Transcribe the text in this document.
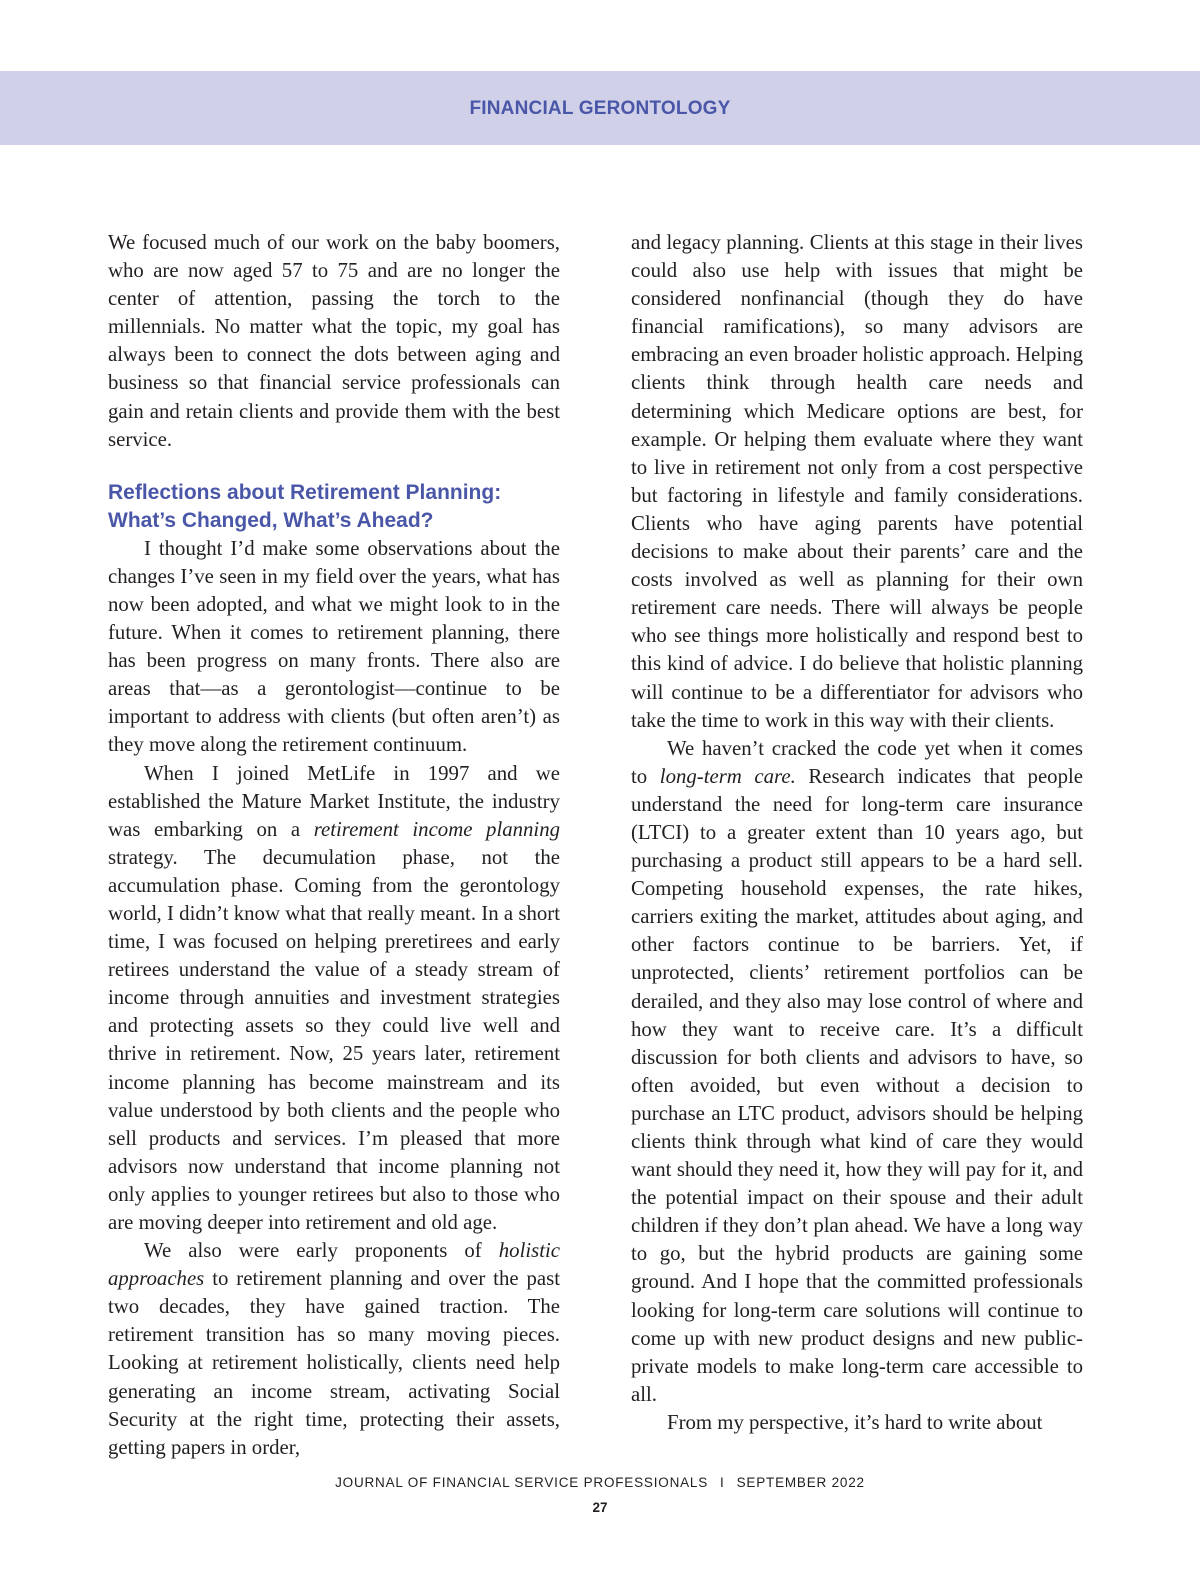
FINANCIAL GERONTOLOGY

We focused much of our work on the baby boomers, who are now aged 57 to 75 and are no longer the center of attention, passing the torch to the millennials. No matter what the topic, my goal has always been to connect the dots between aging and business so that financial service professionals can gain and retain clients and provide them with the best service.

Reflections about Retirement Planning:
What’s Changed, What’s Ahead?

I thought I’d make some observations about the changes I’ve seen in my field over the years, what has now been adopted, and what we might look to in the future. When it comes to retirement planning, there has been progress on many fronts. There also are areas that—as a gerontologist—continue to be important to address with clients (but often aren’t) as they move along the retirement continuum.

When I joined MetLife in 1997 and we established the Mature Market Institute, the industry was embarking on a retirement income planning strategy. The decumulation phase, not the accumulation phase. Coming from the gerontology world, I didn’t know what that really meant. In a short time, I was focused on helping preretirees and early retirees understand the value of a steady stream of income through annuities and investment strategies and protecting assets so they could live well and thrive in retirement. Now, 25 years later, retirement income planning has become mainstream and its value understood by both clients and the people who sell products and services. I’m pleased that more advisors now understand that income planning not only applies to younger retirees but also to those who are moving deeper into retirement and old age.

We also were early proponents of holistic approaches to retirement planning and over the past two decades, they have gained traction. The retirement transition has so many moving pieces. Looking at retirement holistically, clients need help generating an income stream, activating Social Security at the right time, protecting their assets, getting papers in order,

and legacy planning. Clients at this stage in their lives could also use help with issues that might be considered nonfinancial (though they do have financial ramifications), so many advisors are embracing an even broader holistic approach. Helping clients think through health care needs and determining which Medicare options are best, for example. Or helping them evaluate where they want to live in retirement not only from a cost perspective but factoring in lifestyle and family considerations. Clients who have aging parents have potential decisions to make about their parents’ care and the costs involved as well as planning for their own retirement care needs. There will always be people who see things more holistically and respond best to this kind of advice. I do believe that holistic planning will continue to be a differentiator for advisors who take the time to work in this way with their clients.

We haven’t cracked the code yet when it comes to long-term care. Research indicates that people understand the need for long-term care insurance (LTCI) to a greater extent than 10 years ago, but purchasing a product still appears to be a hard sell. Competing household expenses, the rate hikes, carriers exiting the market, attitudes about aging, and other factors continue to be barriers. Yet, if unprotected, clients’ retirement portfolios can be derailed, and they also may lose control of where and how they want to receive care. It’s a difficult discussion for both clients and advisors to have, so often avoided, but even without a decision to purchase an LTC product, advisors should be helping clients think through what kind of care they would want should they need it, how they will pay for it, and the potential impact on their spouse and their adult children if they don’t plan ahead. We have a long way to go, but the hybrid products are gaining some ground. And I hope that the committed professionals looking for long-term care solutions will continue to come up with new product designs and new public-private models to make long-term care accessible to all.

From my perspective, it’s hard to write about

JOURNAL OF FINANCIAL SERVICE PROFESSIONALS I SEPTEMBER 2022
27
